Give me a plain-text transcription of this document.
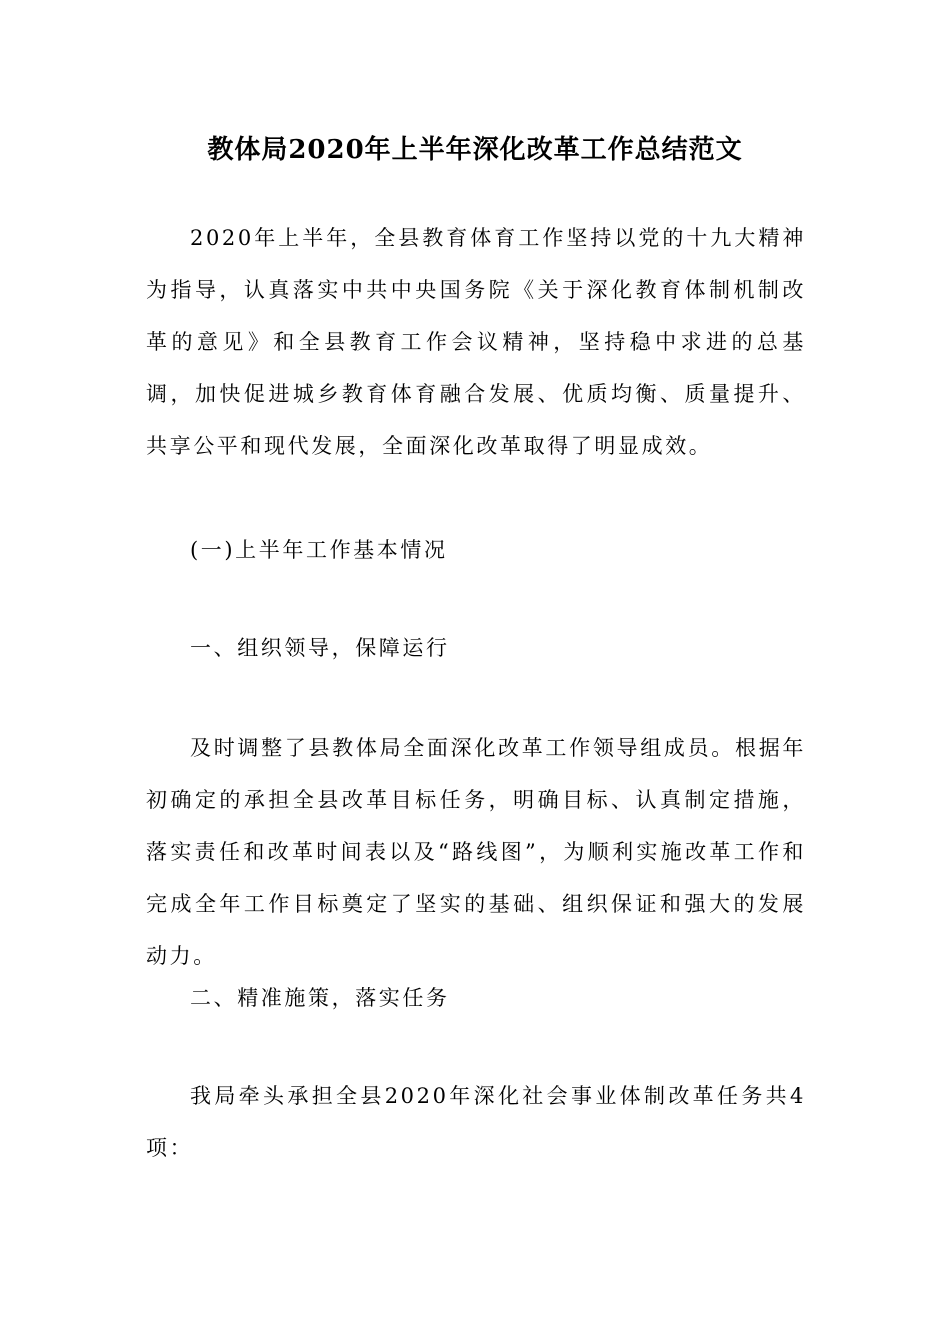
教体局2020年上半年深化改革工作总结范文

2020年上半年，全县教育体育工作坚持以党的十九大精神为指导，认真落实中共中央国务院《关于深化教育体制机制改革的意见》和全县教育工作会议精神，坚持稳中求进的总基调，加快促进城乡教育体育融合发展、优质均衡、质量提升、共享公平和现代发展，全面深化改革取得了明显成效。

(一)上半年工作基本情况

一、组织领导，保障运行

及时调整了县教体局全面深化改革工作领导组成员。根据年初确定的承担全县改革目标任务，明确目标、认真制定措施，落实责任和改革时间表以及“路线图”，为顺利实施改革工作和完成全年工作目标奠定了坚实的基础、组织保证和强大的发展动力。

二、精准施策，落实任务

我局牵头承担全县2020年深化社会事业体制改革任务共4项：
